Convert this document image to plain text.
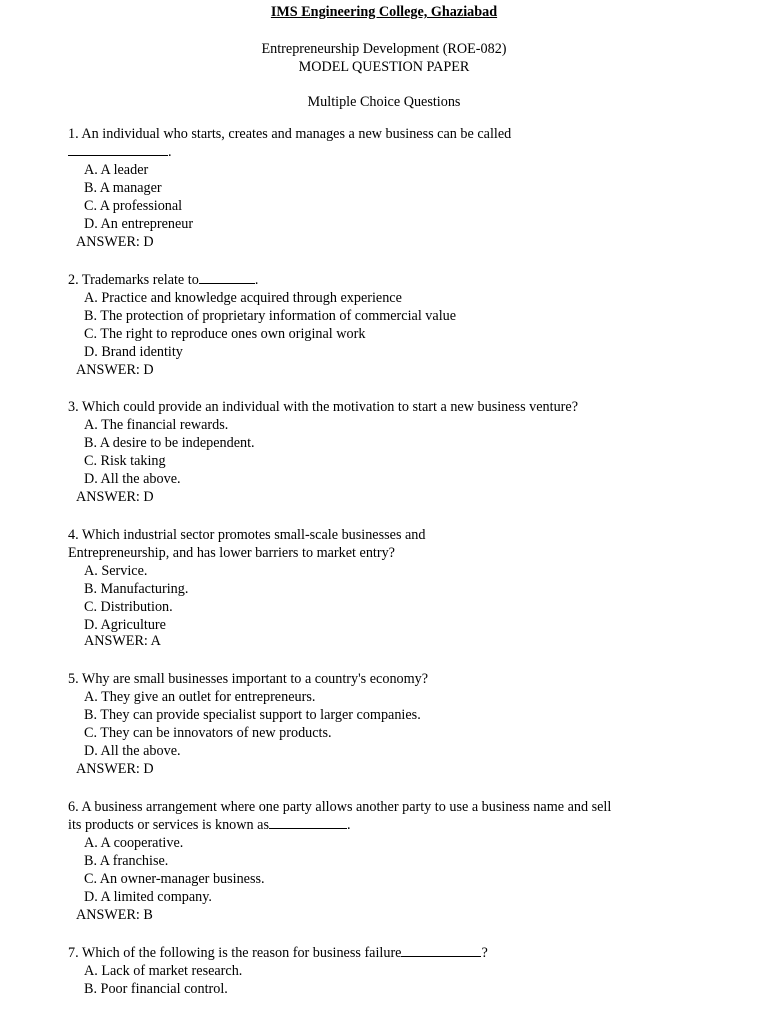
IMS Engineering College, Ghaziabad
Entrepreneurship Development (ROE-082)
MODEL QUESTION PAPER
Multiple Choice Questions
1. An individual who starts, creates and manages a new business can be called
.
A. A leader
B. A manager
C. A professional
D. An entrepreneur
ANSWER: D
2. Trademarks relate to	.
A. Practice and knowledge acquired through experience
B. The protection of proprietary information of commercial value
C. The right to reproduce ones own original work
D. Brand identity
ANSWER: D
3. Which could provide an individual with the motivation to start a new business venture?
A. The financial rewards.
B. A desire to be independent.
C. Risk taking
D. All the above.
ANSWER: D
4. Which industrial sector promotes small-scale businesses and
Entrepreneurship, and has lower barriers to market entry?
A. Service.
B. Manufacturing.
C. Distribution.
D. Agriculture
ANSWER: A
5. Why are small businesses important to a country's economy?
A. They give an outlet for entrepreneurs.
B. They can provide specialist support to larger companies.
C. They can be innovators of new products.
D. All the above.
ANSWER: D
6. A business arrangement where one party allows another party to use a business name and sell
its products or services is known as	.
A. A cooperative.
B. A franchise.
C. An owner-manager business.
D. A limited company.
ANSWER: B
7. Which of the following is the reason for business failure	?
A. Lack of market research.
B. Poor financial control.
